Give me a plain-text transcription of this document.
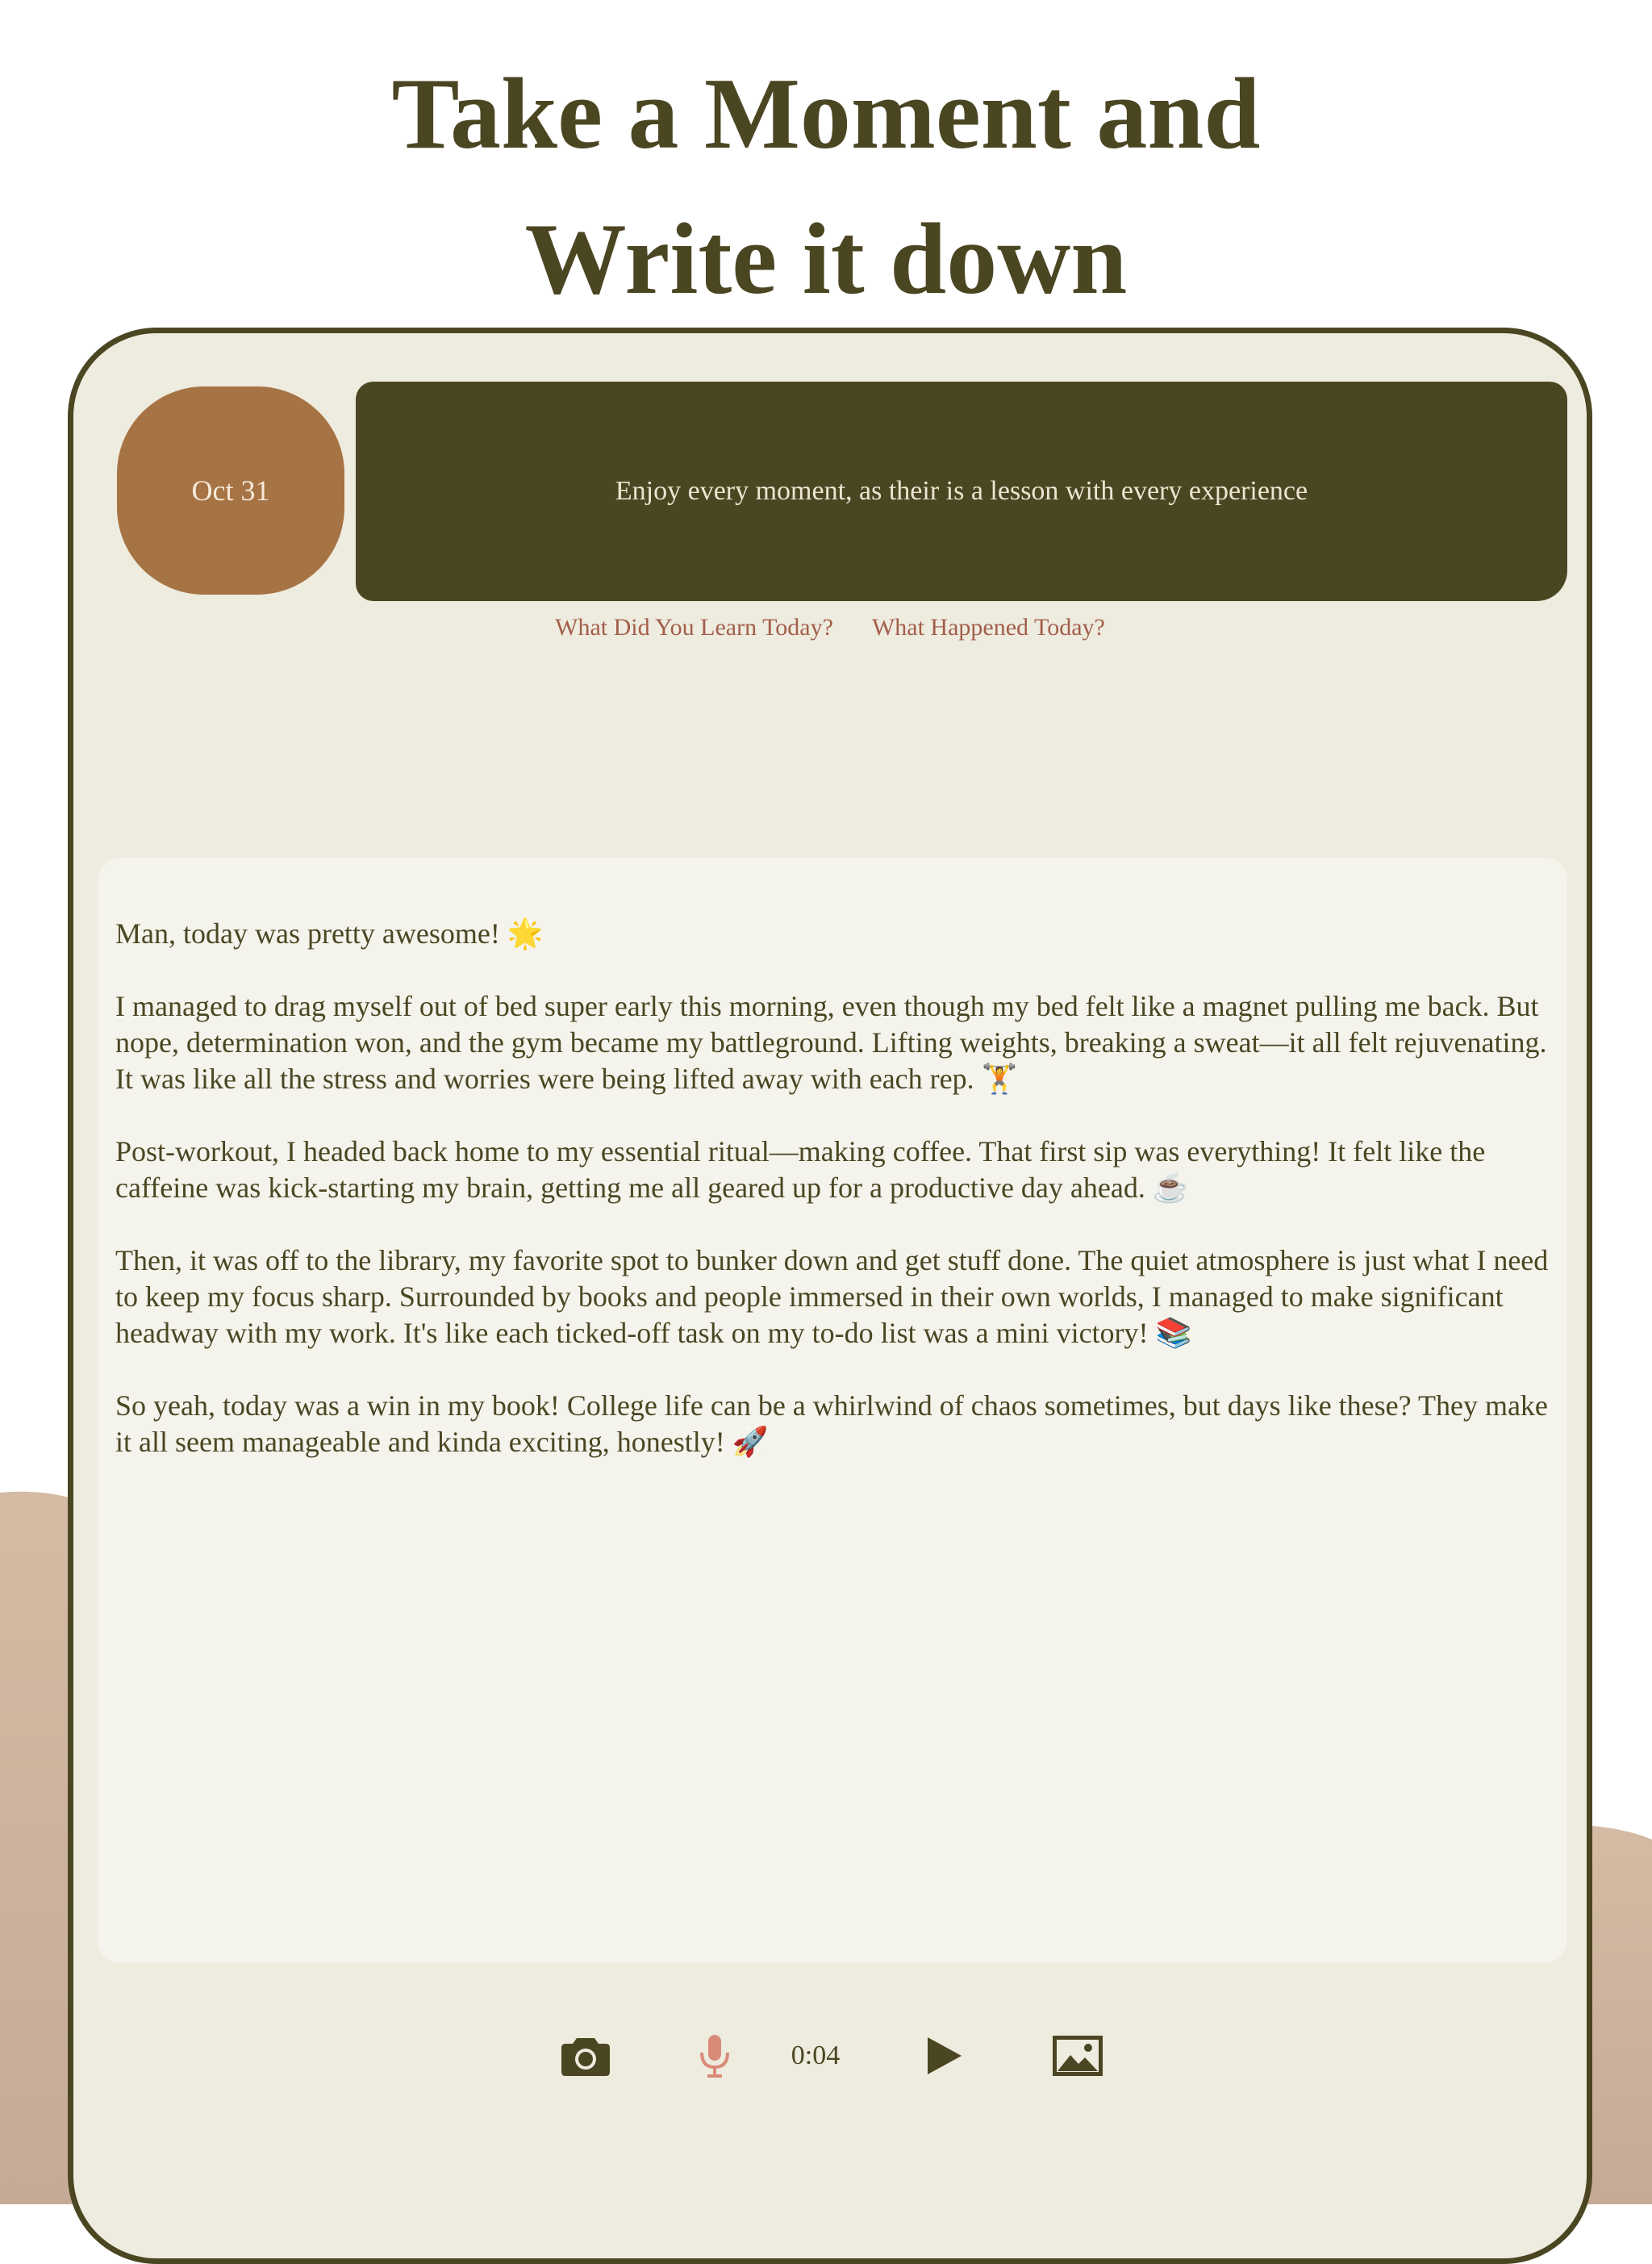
Take a Moment and
Write it down
Oct 31	Enjoy every moment, as their is a lesson with every experience
What Did You Learn Today? What Happened Today?

Man, today was pretty awesome! 🌟

I managed to drag myself out of bed super early this morning, even though my bed felt like a magnet pulling me back. But nope, determination won, and the gym became my battleground. Lifting weights, breaking a sweat—it all felt rejuvenating. It was like all the stress and worries were being lifted away with each rep. 🏋️

Post-workout, I headed back home to my essential ritual—making coffee. That first sip was everything! It felt like the caffeine was kick-starting my brain, getting me all geared up for a productive day ahead. ☕

Then, it was off to the library, my favorite spot to bunker down and get stuff done. The quiet atmosphere is just what I need to keep my focus sharp. Surrounded by books and people immersed in their own worlds, I managed to make significant headway with my work. It's like each ticked-off task on my to-do list was a mini victory! 📚

So yeah, today was a win in my book! College life can be a whirlwind of chaos sometimes, but days like these? They make it all seem manageable and kinda exciting, honestly! 🚀

0:04
